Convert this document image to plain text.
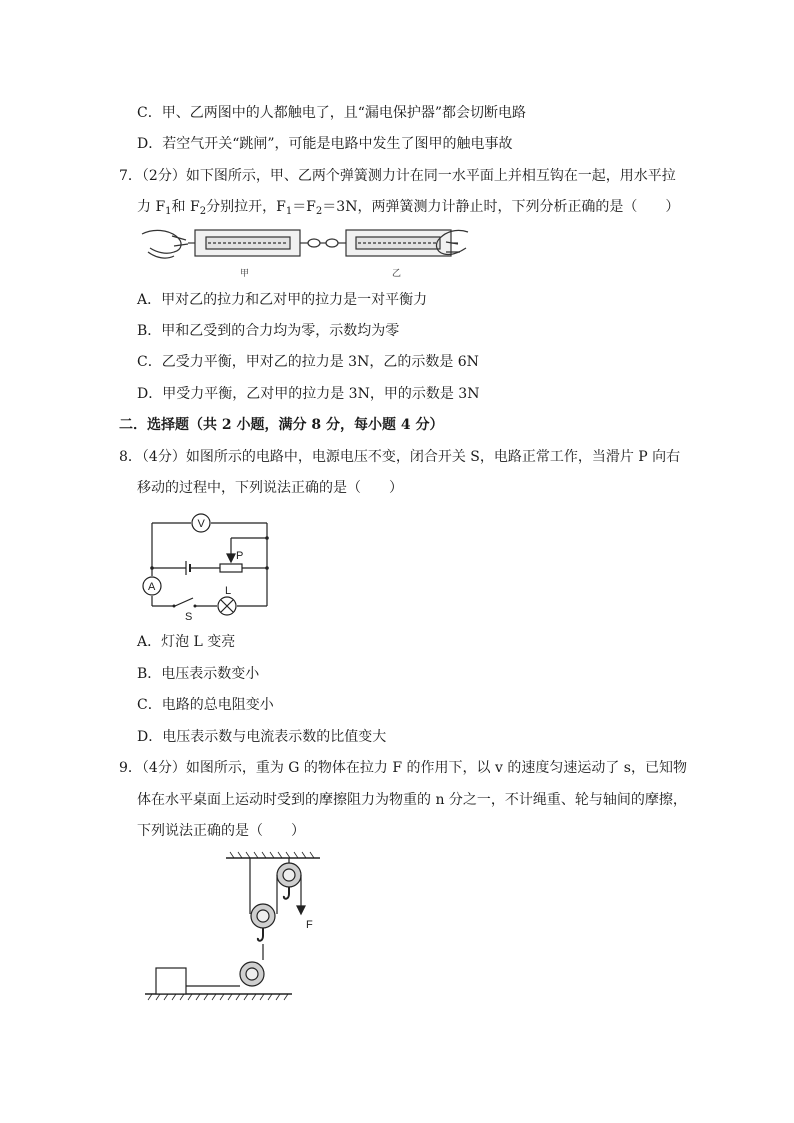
C．甲、乙两图中的人都触电了，且“漏电保护器”都会切断电路
D．若空气开关“跳闸”，可能是电路中发生了图甲的触电事故
7．（2分）如下图所示，甲、乙两个弹簧测力计在同一水平面上并相互钩在一起，用水平拉
力 $F_1$和 $F_2$分别拉开，$F_1=F_2=3N$，两弹簧测力计静止时，下列分析正确的是（　　）
甲	乙
A．甲对乙的拉力和乙对甲的拉力是一对平衡力
B．甲和乙受到的合力均为零，示数均为零
C．乙受力平衡，甲对乙的拉力是 3N，乙的示数是 6N
D．甲受力平衡，乙对甲的拉力是 3N，甲的示数是 3N
二．选择题（共 2 小题，满分 8 分，每小题 4 分）
8．（4分）如图所示的电路中，电源电压不变，闭合开关 S，电路正常工作，当滑片 P 向右
移动的过程中，下列说法正确的是（　　）
V
A
P
L
S
A．灯泡 L 变亮
B．电压表示数变小
C．电路的总电阻变小
D．电压表示数与电流表示数的比值变大
9．（4分）如图所示，重为 G 的物体在拉力 F 的作用下，以 v 的速度匀速运动了 s，已知物
体在水平桌面上运动时受到的摩擦阻力为物重的 n 分之一，不计绳重、轮与轴间的摩擦，
下列说法正确的是（　　）
F
